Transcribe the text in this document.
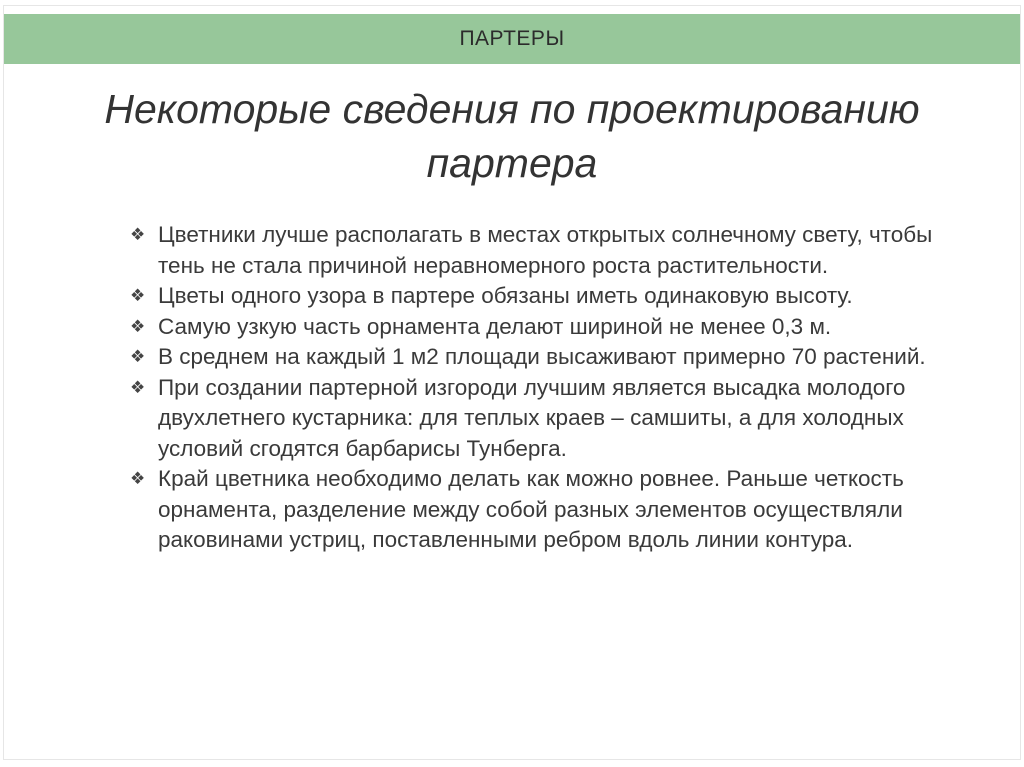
ПАРТЕРЫ
Некоторые сведения по проектированию партера
❖ Цветники лучше располагать в местах открытых солнечному свету, чтобы тень не стала причиной неравномерного роста растительности.
❖ Цветы одного узора в партере обязаны иметь одинаковую высоту.
❖ Самую узкую часть орнамента делают шириной не менее 0,3 м.
❖ В среднем на каждый 1 м2 площади высаживают примерно 70 растений.
❖ При создании партерной изгороди лучшим является высадка молодого двухлетнего кустарника: для теплых краев – самшиты, а для холодных условий сгодятся барбарисы Тунберга.
❖ Край цветника необходимо делать как можно ровнее. Раньше четкость орнамента, разделение между собой разных элементов осуществляли раковинами устриц, поставленными ребром вдоль линии контура.
